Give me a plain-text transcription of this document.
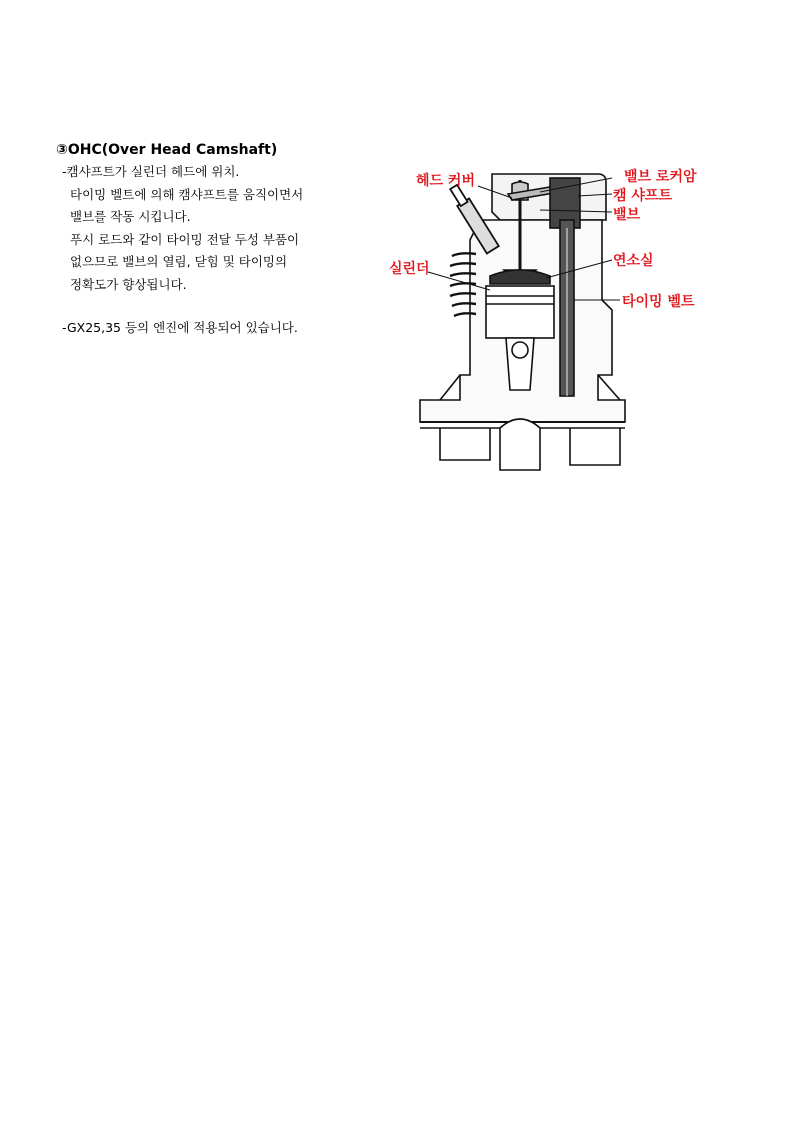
③OHC(Over Head Camshaft)
-캠샤프트가 실린더 헤드에 위치.
타이밍 벨트에 의해 캠샤프트를 움직이면서
밸브를 작동 시킵니다.
푸시 로드와 같이 타이밍 전달 두성 부품이
없으므로 밸브의 열림, 닫힘 및 타이밍의
정확도가 향상됩니다.
-GX25,35 등의 엔진에 적용되어 있습니다.
헤드 커버	밸브 로커암
캠 샤프트
밸브
실린더	연소실
타이밍 벨트
